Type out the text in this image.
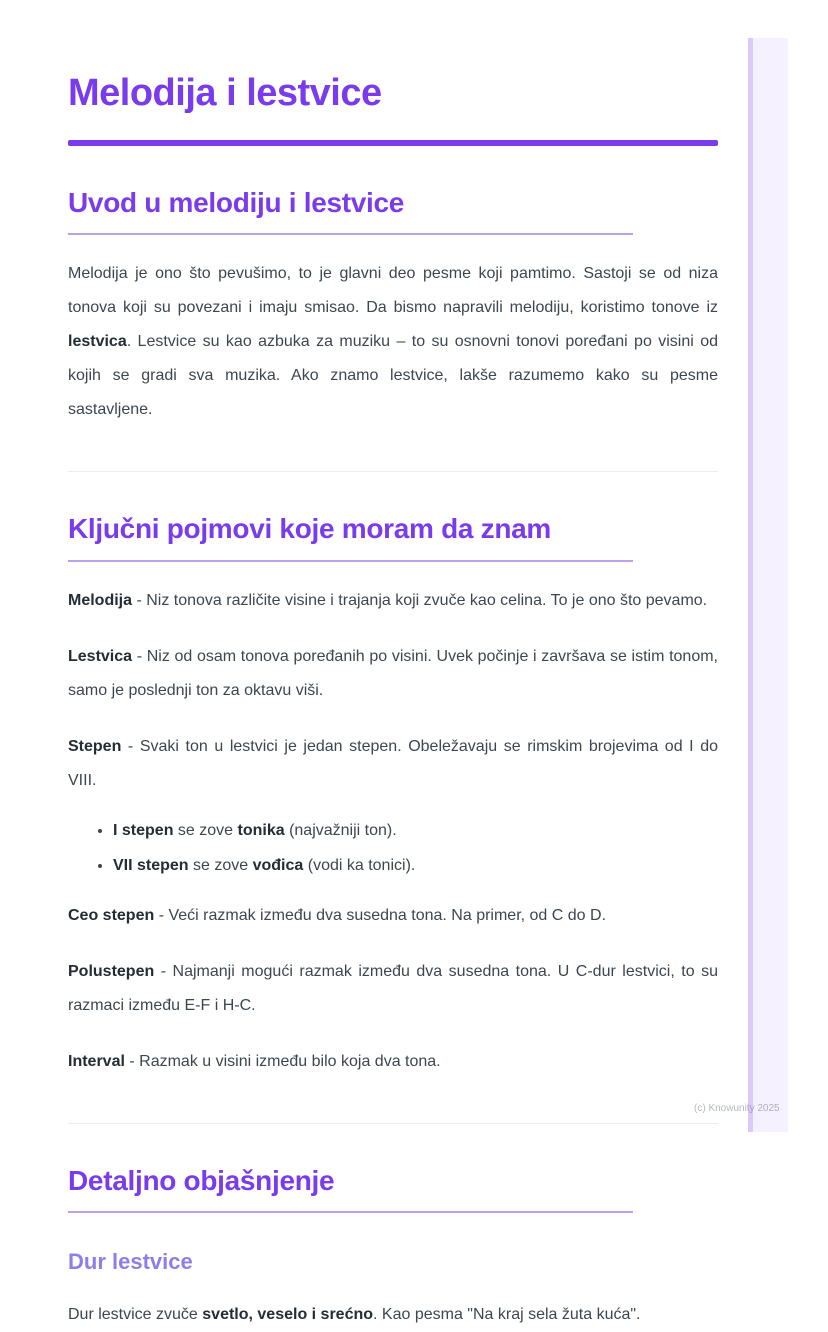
Melodija i lestvice
Uvod u melodiju i lestvice

Melodija je ono što pevušimo, to je glavni deo pesme koji pamtimo. Sastoji se od niza tonova koji su povezani i imaju smisao. Da bismo napravili melodiju, koristimo tonove iz lestvica. Lestvice su kao azbuka za muziku – to su osnovni tonovi poređani po visini od kojih se gradi sva muzika. Ako znamo lestvice, lakše razumemo kako su pesme sastavljene.

Ključni pojmovi koje moram da znam

Melodija - Niz tonova različite visine i trajanja koji zvuče kao celina. To je ono što pevamo.

Lestvica - Niz od osam tonova poređanih po visini. Uvek počinje i završava se istim tonom, samo je poslednji ton za oktavu viši.

Stepen - Svaki ton u lestvici je jedan stepen. Obeležavaju se rimskim brojevima od I do VIII.

• I stepen se zove tonika (najvažniji ton).
• VII stepen se zove vođica (vodi ka tonici).

Ceo stepen - Veći razmak između dva susedna tona. Na primer, od C do D.

Polustepen - Najmanji mogući razmak između dva susedna tona. U C-dur lestvici, to su razmaci između E-F i H-C.

Interval - Razmak u visini između bilo koja dva tona.

Detaljno objašnjenje
Dur lestvice

Dur lestvice zvuče svetlo, veselo i srećno. Kao pesma "Na kraj sela žuta kuća".

(c) Knowunity 2025
